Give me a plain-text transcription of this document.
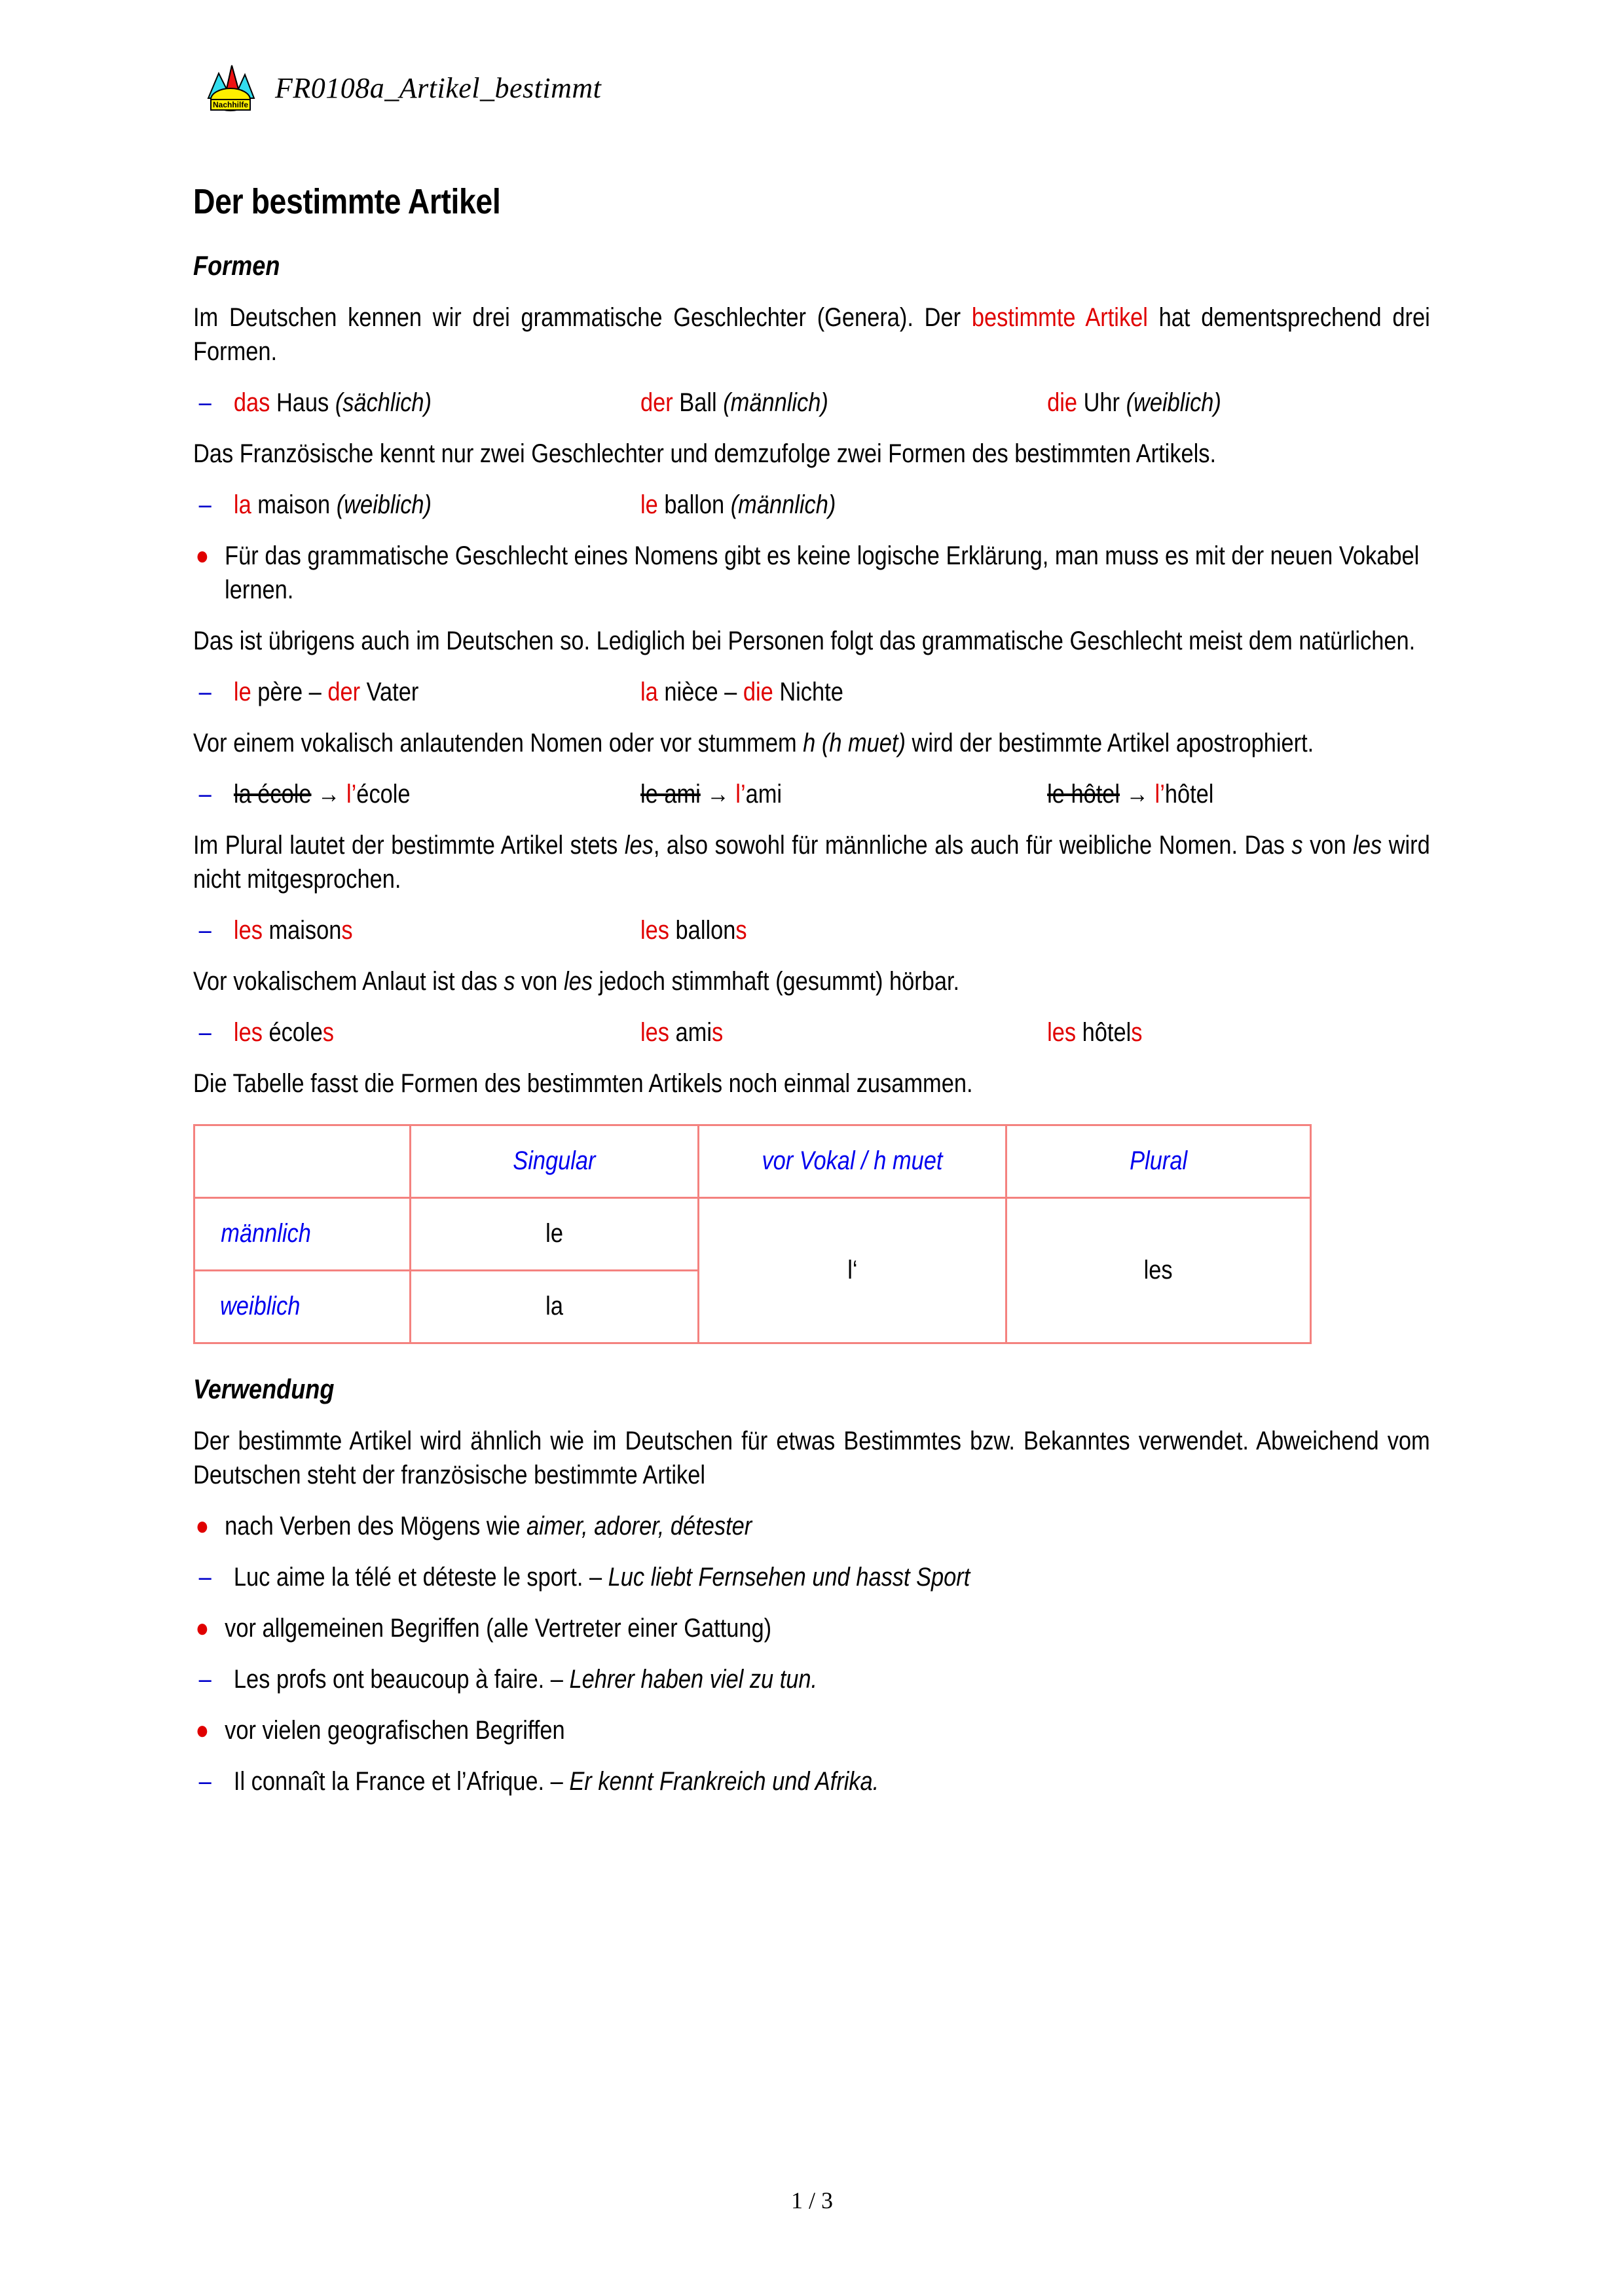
Nachhilfe
FR0108a_Artikel_bestimmt
Der bestimmte Artikel
Formen

Im Deutschen kennen wir drei grammatische Geschlechter (Genera). Der bestimmte Artikel hat dementsprechend drei Formen.

– das Haus (sächlich)	der Ball (männlich)	die Uhr (weiblich)

Das Französische kennt nur zwei Geschlechter und demzufolge zwei Formen des bestimmten Artikels.

– la maison (weiblich)	le ballon (männlich)
● Für das grammatische Geschlecht eines Nomens gibt es keine logische Erklärung, man muss es mit der neuen Vokabel lernen.

Das ist übrigens auch im Deutschen so. Lediglich bei Personen folgt das grammatische Geschlecht meist dem natürlichen.

– le père – der Vater	la nièce – die Nichte

Vor einem vokalisch anlautenden Nomen oder vor stummem h (h muet) wird der bestimmte Artikel apostrophiert.

– la école → l’école	le ami → l’ami	le hôtel → l’hôtel

Im Plural lautet der bestimmte Artikel stets les, also sowohl für männliche als auch für weibliche Nomen. Das s von les wird nicht mitgesprochen.

– les maisons	les ballons

Vor vokalischem Anlaut ist das s von les jedoch stimmhaft (gesummt) hörbar.

– les écoles	les amis	les hôtels

Die Tabelle fasst die Formen des bestimmten Artikels noch einmal zusammen.

	Singular	vor Vokal / h muet	Plural
männlich	le	l‘	les
weiblich	la		
Verwendung

Der bestimmte Artikel wird ähnlich wie im Deutschen für etwas Bestimmtes bzw. Bekanntes verwendet. Abweichend vom Deutschen steht der französische bestimmte Artikel

● nach Verben des Mögens wie aimer, adorer, détester
– Luc aime la télé et déteste le sport. – Luc liebt Fernsehen und hasst Sport
● vor allgemeinen Begriffen (alle Vertreter einer Gattung)
– Les profs ont beaucoup à faire. – Lehrer haben viel zu tun.
● vor vielen geografischen Begriffen
– Il connaît la France et l’Afrique. – Er kennt Frankreich und Afrika.
1 / 3
